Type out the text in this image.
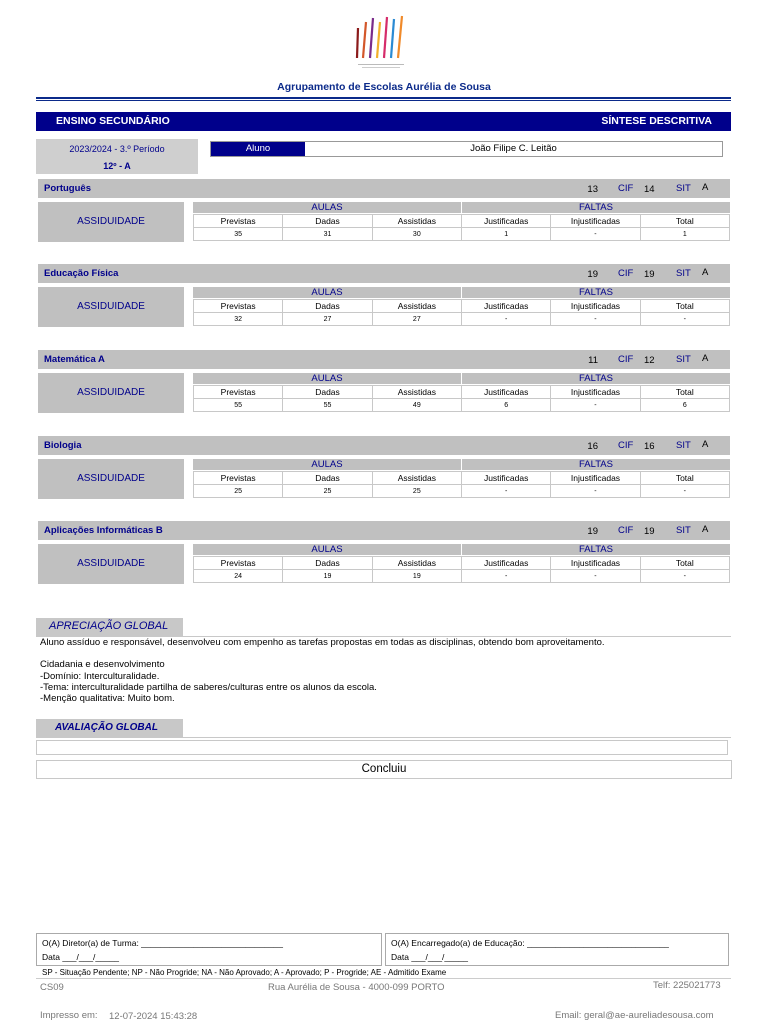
Agrupamento de Escolas Aurélia de Sousa
ENSINO SECUNDÁRIO	SÍNTESE DESCRITIVA
2023/2024 - 3.º Período
12º - A
Aluno	João Filipe C. Leitão
Português	13 CIF 14 SIT A
ASSIDUIDADE
AULAS	FALTAS
Previstas	Dadas	Assistidas	Justificadas	Injustificadas	Total
35	31	30	1	-	1
Educação Física	19 CIF 19 SIT A
ASSIDUIDADE
AULAS	FALTAS
Previstas	Dadas	Assistidas	Justificadas	Injustificadas	Total
32	27	27	-	-	-
Matemática A	11 CIF 12 SIT A
ASSIDUIDADE
AULAS	FALTAS
Previstas	Dadas	Assistidas	Justificadas	Injustificadas	Total
55	55	49	6	-	6
Biologia	16 CIF 16 SIT A
ASSIDUIDADE
AULAS	FALTAS
Previstas	Dadas	Assistidas	Justificadas	Injustificadas	Total
25	25	25	-	-	-
Aplicações Informáticas B	19 CIF 19 SIT A
ASSIDUIDADE
AULAS	FALTAS
Previstas	Dadas	Assistidas	Justificadas	Injustificadas	Total
24	19	19	-	-	-
APRECIAÇÃO GLOBAL
Aluno assíduo e responsável, desenvolveu com empenho as tarefas propostas em todas as disciplinas, obtendo bom aproveitamento.
Cidadania e desenvolvimento
-Domínio: Interculturalidade.
-Tema: interculturalidade partilha de saberes/culturas entre os alunos da escola.
-Menção qualitativa: Muito bom.
AVALIAÇÃO GLOBAL
Concluiu
O(A) Diretor(a) de Turma: ______________________________
Data ___/___/_____
O(A) Encarregado(a) de Educação: ______________________________
Data ___/___/_____
SP - Situação Pendente; NP - Não Progride; NA - Não Aprovado; A - Aprovado; P - Progride; AE - Admitido Exame
CS09	Rua Aurélia de Sousa - 4000-099 PORTO	Telf: 225021773
Impresso em: 12-07-2024 15:43:28	Email: geral@ae-aureliadesousa.com
